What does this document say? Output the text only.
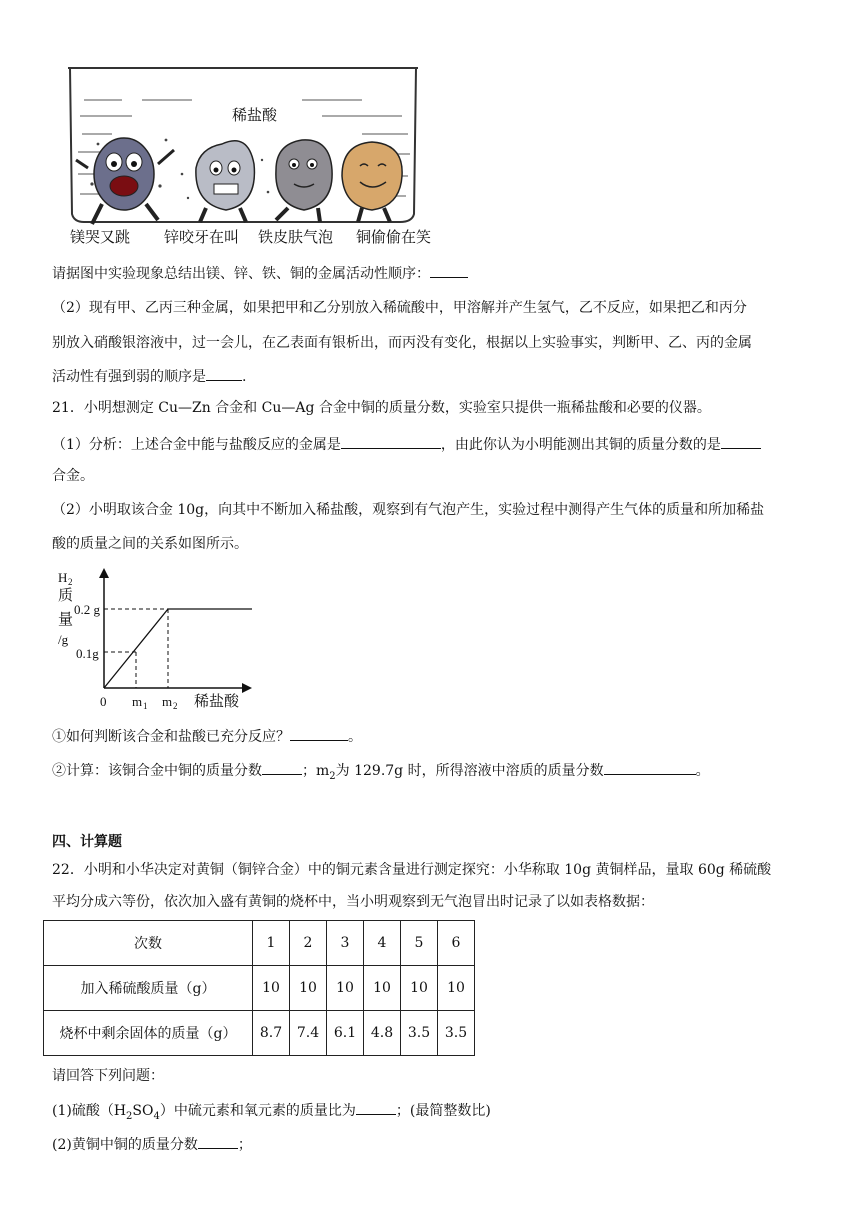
稀盐酸
镁哭又跳 锌咬牙在叫 铁皮肤气泡 铜偷偷在笑
请据图中实验现象总结出镁、锌、铁、铜的金属活动性顺序：
（2）现有甲、乙丙三种金属，如果把甲和乙分别放入稀硫酸中，甲溶解并产生氢气，乙不反应，如果把乙和丙分
别放入硝酸银溶液中，过一会儿，在乙表面有银析出，而丙没有变化，根据以上实验事实，判断甲、乙、丙的金属
活动性有强到弱的顺序是	.
21．小明想测定 Cu—Zn 合金和 Cu—Ag 合金中铜的质量分数，实验室只提供一瓶稀盐酸和必要的仪器。
（1）分析：上述合金中能与盐酸反应的金属是	，由此你认为小明能测出其铜的质量分数的是
合金。
（2）小明取该合金 10g，向其中不断加入稀盐酸，观察到有气泡产生，实验过程中测得产生气体的质量和所加稀盐
酸的质量之间的关系如图所示。
H 2
质
量
/g
0.2 g
0.1g
0 m 1 m 2 稀盐酸
①如何判断该合金和盐酸已充分反应？	。
②计算：该铜合金中铜的质量分数	；$m_2$为 129.7g 时，所得溶液中溶质的质量分数	。
四、计算题
22．小明和小华决定对黄铜（铜锌合金）中的铜元素含量进行测定探究：小华称取 10g 黄铜样品，量取 60g 稀硫酸
平均分成六等份，依次加入盛有黄铜的烧杯中，当小明观察到无气泡冒出时记录了以如表格数据：
次数	1	2	3	4	5	6
加入稀硫酸质量（g）	10	10	10	10	10	10
烧杯中剩余固体的质量（g）	8.7	7.4	6.1	4.8	3.5	3.5
请回答下列问题：
(1)硫酸$(H_2SO_4)$中硫元素和氧元素的质量比为	；(最简整数比)
(2)黄铜中铜的质量分数	；
